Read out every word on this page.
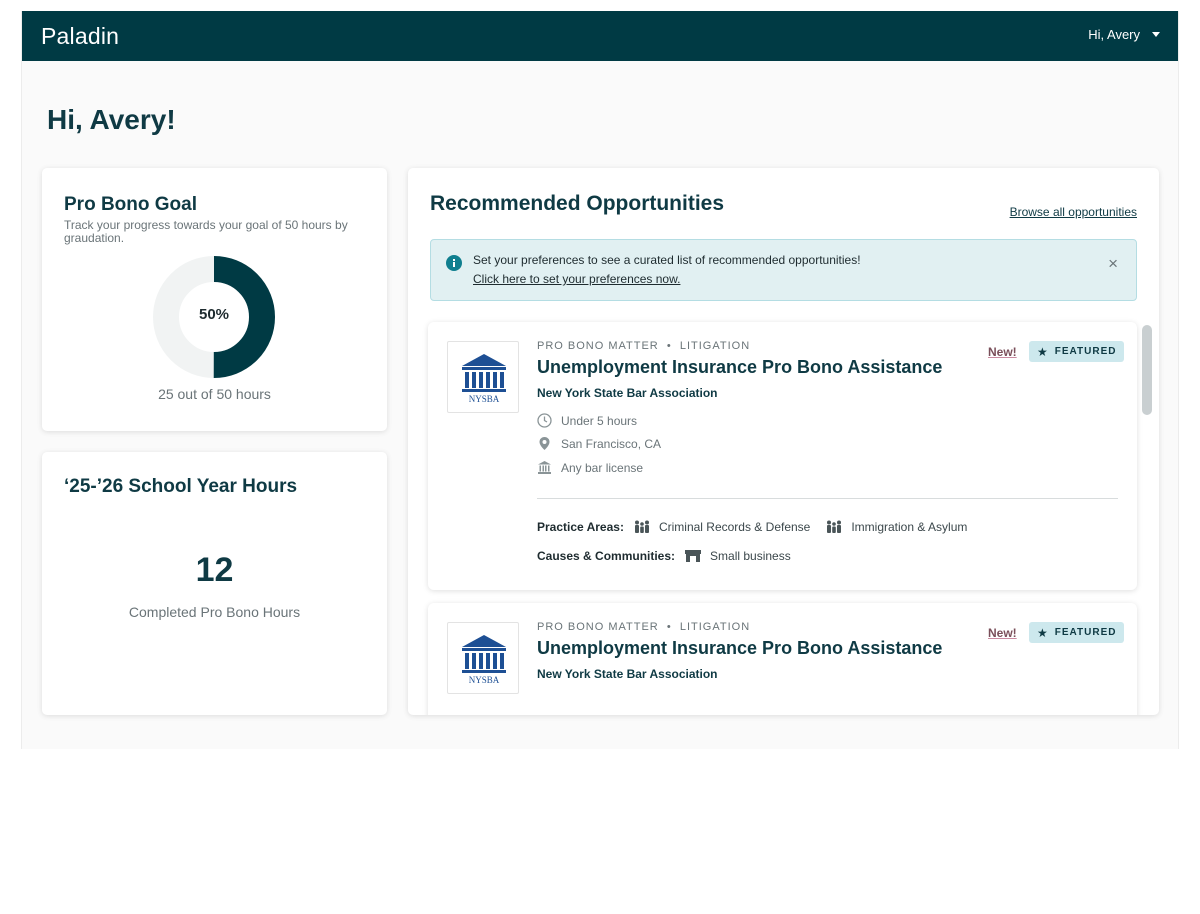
Paladin	Hi, Avery
Hi, Avery!
Pro Bono Goal
Track your progress towards your goal of 50 hours by graudation.
50%
25 out of 50 hours
‘25-’26 School Year Hours
12
Completed Pro Bono Hours
Recommended Opportunities	Browse all opportunities
Set your preferences to see a curated list of recommended opportunities!
Click here to set your preferences now.
×
NYSBA
PRO BONO MATTER  •  LITIGATION
Unemployment Insurance Pro Bono Assistance
New York State Bar Association
New! ★ FEATURED
Under 5 hours
San Francisco, CA
Any bar license
Practice Areas:	Criminal Records & Defense	Immigration & Asylum
Causes & Communities:	Small business
NYSBA
PRO BONO MATTER  •  LITIGATION
Unemployment Insurance Pro Bono Assistance
New York State Bar Association
New! ★ FEATURED
